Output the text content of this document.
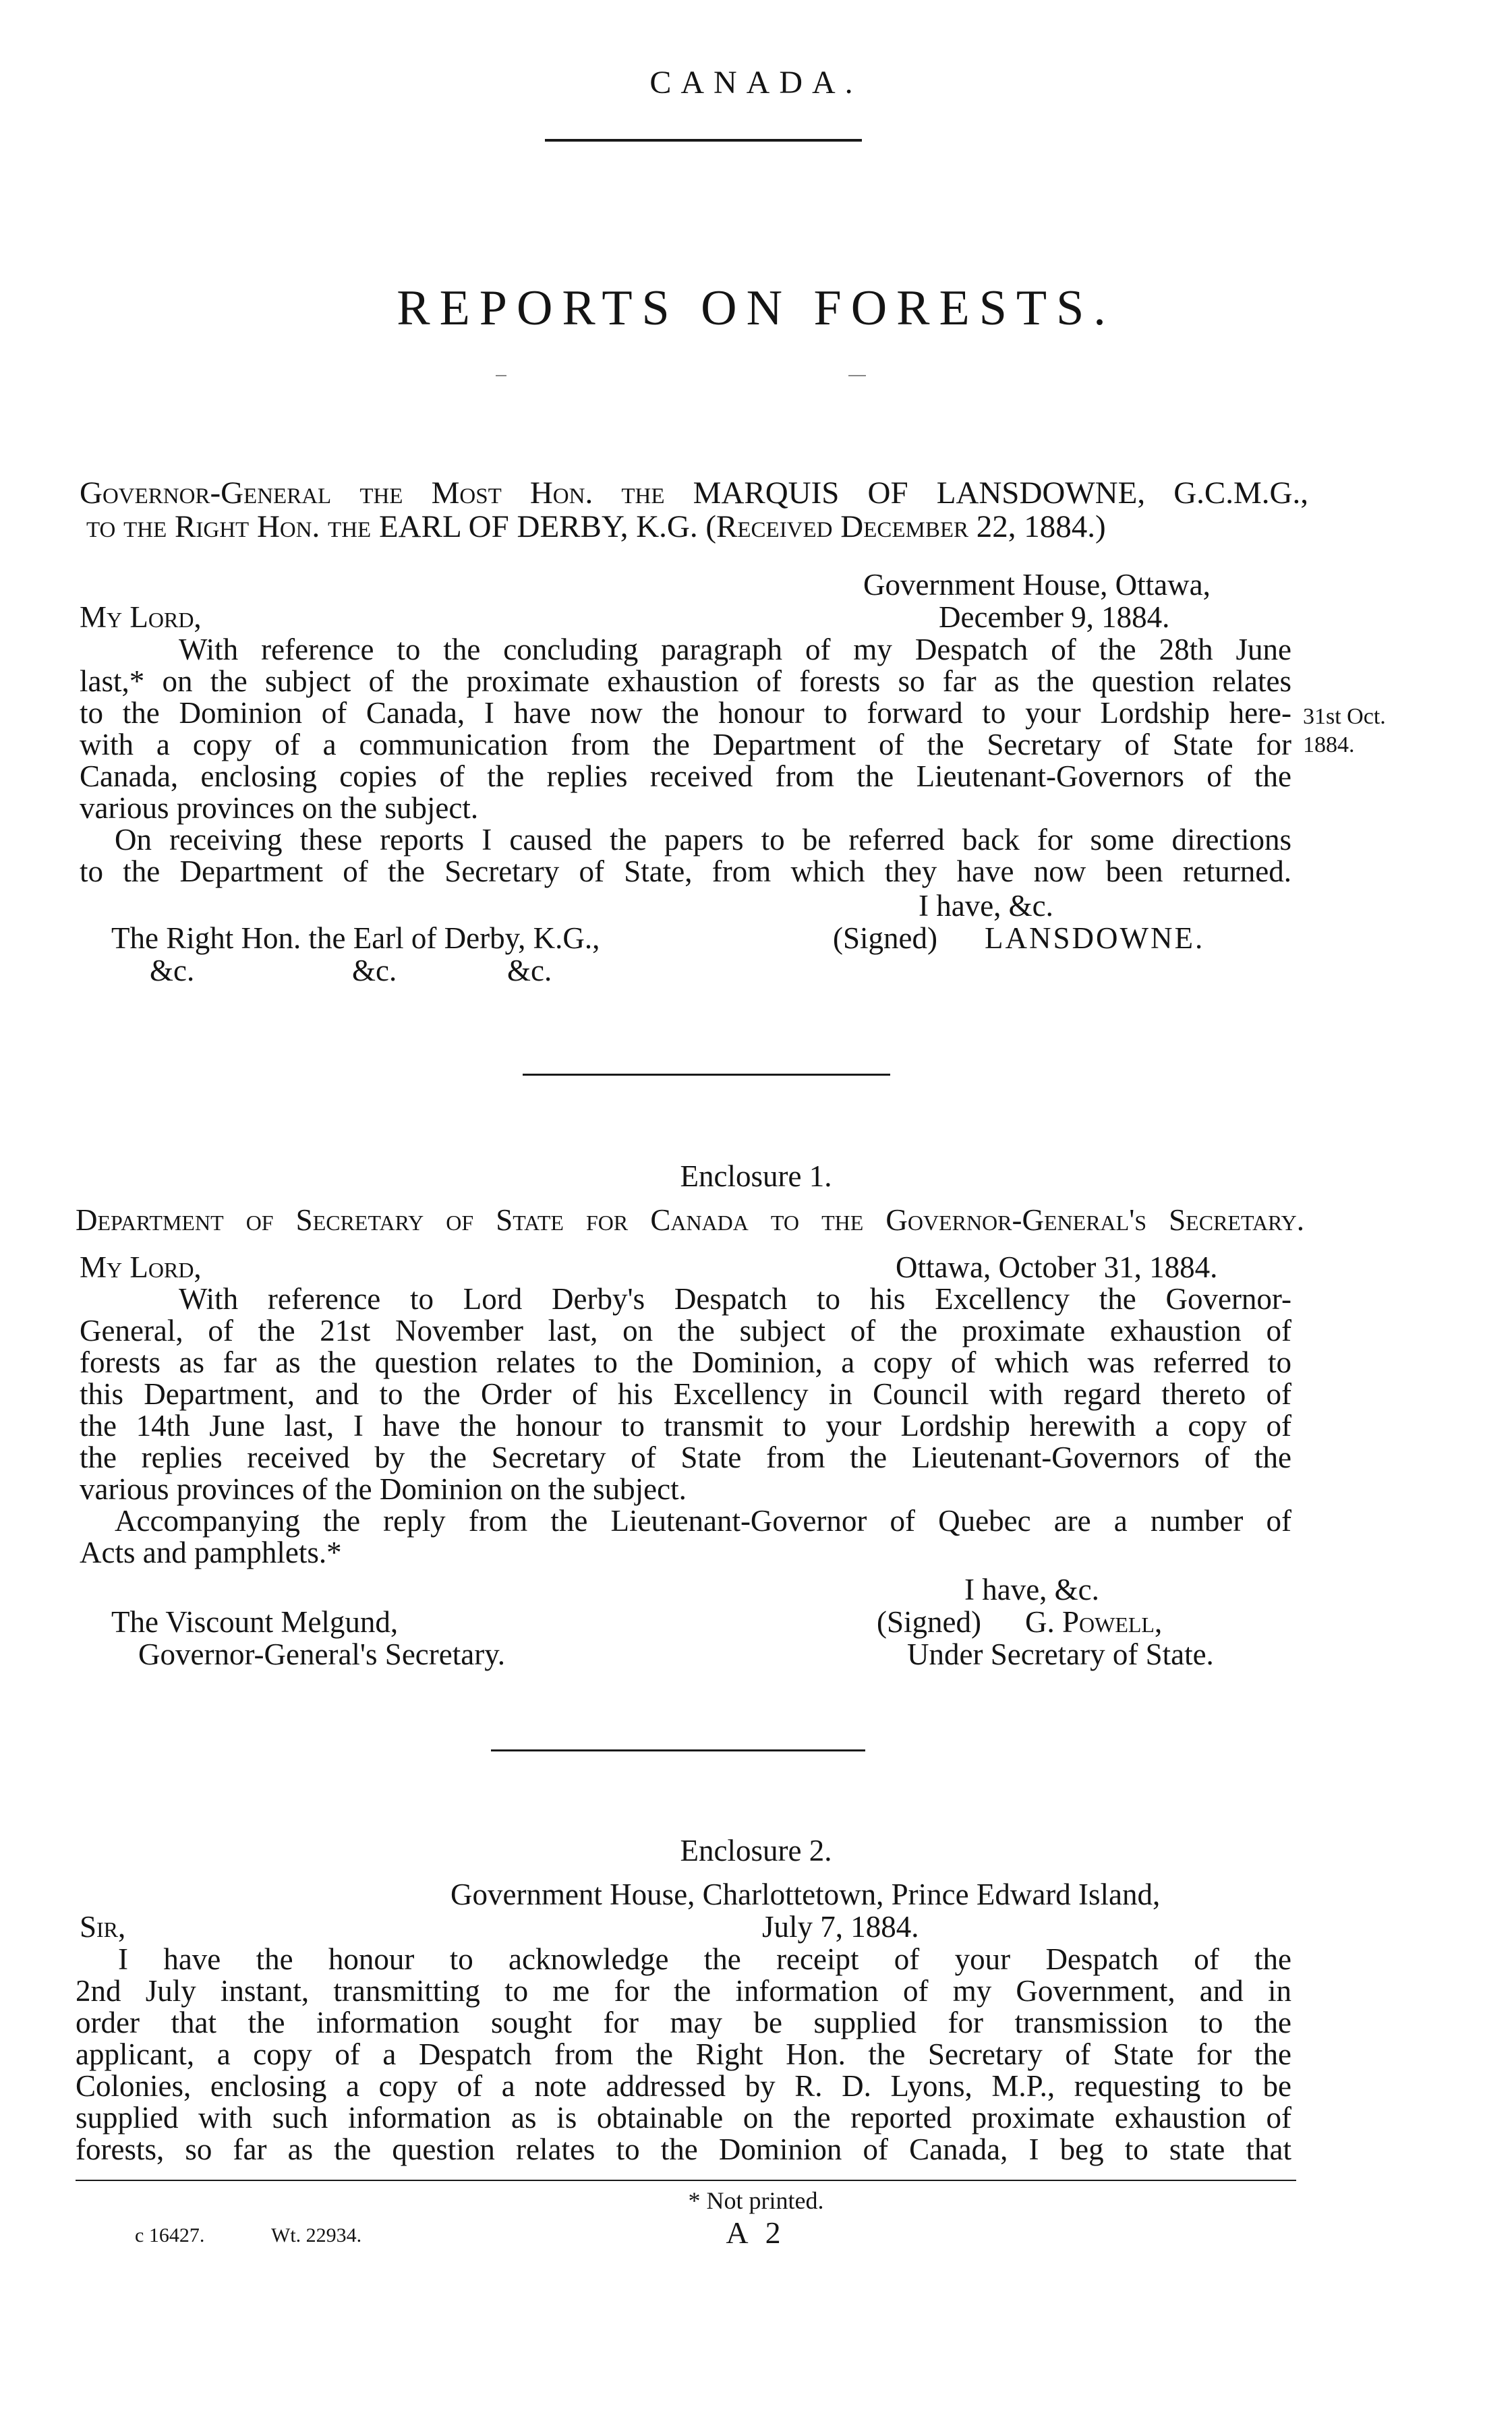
CANADA.
REPORTS ON FORESTS.
Governor-General the Most Hon. the MARQUIS OF LANSDOWNE, G.C.M.G.,
to the Right Hon. the EARL OF DERBY, K.G. (Received December 22, 1884.)
Government House, Ottawa,
My Lord,	December 9, 1884.
With reference to the concluding paragraph of my Despatch of the 28th June
last,* on the subject of the proximate exhaustion of forests so far as the question relates
to the Dominion of Canada, I have now the honour to forward to your Lordship here-
with a copy of a communication from the Department of the Secretary of State for
Canada, enclosing copies of the replies received from the Lieutenant-Governors of the
various provinces on the subject.
On receiving these reports I caused the papers to be referred back for some directions
to the Department of the Secretary of State, from which they have now been returned.
31st Oct.
1884.
I have, &c.
The Right Hon. the Earl of Derby, K.G.,	(Signed) LANSDOWNE.
&c.	&c.	&c.
Enclosure 1.
Department of Secretary of State for Canada to the Governor-General's Secretary.
My Lord,	Ottawa, October 31, 1884.
With reference to Lord Derby's Despatch to his Excellency the Governor-
General, of the 21st November last, on the subject of the proximate exhaustion of
forests as far as the question relates to the Dominion, a copy of which was referred to
this Department, and to the Order of his Excellency in Council with regard thereto of
the 14th June last, I have the honour to transmit to your Lordship herewith a copy of
the replies received by the Secretary of State from the Lieutenant-Governors of the
various provinces of the Dominion on the subject.
Accompanying the reply from the Lieutenant-Governor of Quebec are a number of
Acts and pamphlets.*
I have, &c.
The Viscount Melgund,	(Signed) G. Powell,
Governor-General's Secretary.	Under Secretary of State.
Enclosure 2.
Government House, Charlottetown, Prince Edward Island,
Sir,	July 7, 1884.
I have the honour to acknowledge the receipt of your Despatch of the
2nd July instant, transmitting to me for the information of my Government, and in
order that the information sought for may be supplied for transmission to the
applicant, a copy of a Despatch from the Right Hon. the Secretary of State for the
Colonies, enclosing a copy of a note addressed by R. D. Lyons, M.P., requesting to be
supplied with such information as is obtainable on the reported proximate exhaustion of
forests, so far as the question relates to the Dominion of Canada, I beg to state that
* Not printed.
c 16427.	Wt. 22934.	A 2
